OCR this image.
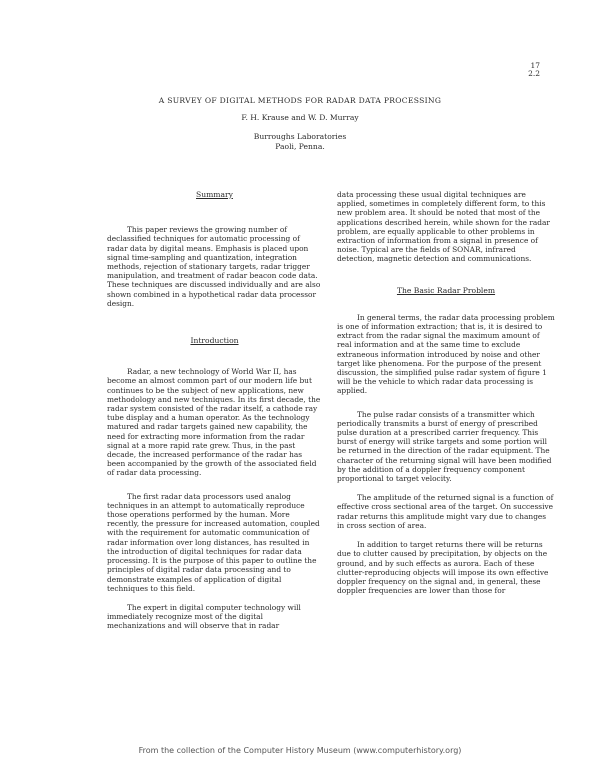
17
2.2
A SURVEY OF DIGITAL METHODS FOR RADAR DATA PROCESSING
F. H. Krause and W. D. Murray
Burroughs Laboratories
Paoli, Penna.
Summary

This paper reviews the growing number of declassified techniques for automatic processing of radar data by digital means. Emphasis is placed upon signal time-sampling and quantization, integration methods, rejection of stationary targets, radar trigger manipulation, and treatment of radar beacon code data. These techniques are discussed individually and are also shown combined in a hypothetical radar data processor design.

Introduction

Radar, a new technology of World War II, has become an almost common part of our modern life but continues to be the subject of new applications, new methodology and new techniques. In its first decade, the radar system consisted of the radar itself, a cathode ray tube display and a human operator. As the technology matured and radar targets gained new capability, the need for extracting more information from the radar signal at a more rapid rate grew. Thus, in the past decade, the increased performance of the radar has been accompanied by the growth of the associated field of radar data processing.

The first radar data processors used analog techniques in an attempt to automatically reproduce those operations performed by the human. More recently, the pressure for increased automation, coupled with the requirement for automatic communication of radar information over long distances, has resulted in the introduction of digital techniques for radar data processing. It is the purpose of this paper to outline the principles of digital radar data processing and to demonstrate examples of application of digital techniques to this field.

The expert in digital computer technology will immediately recognize most of the digital mechanizations and will observe that in radar

data processing these usual digital techniques are applied, sometimes in completely different form, to this new problem area. It should be noted that most of the applications described herein, while shown for the radar problem, are equally applicable to other problems in extraction of information from a signal in presence of noise. Typical are the fields of SONAR, infrared detection, magnetic detection and communications.

The Basic Radar Problem

In general terms, the radar data processing problem is one of information extraction; that is, it is desired to extract from the radar signal the maximum amount of real information and at the same time to exclude extraneous information introduced by noise and other target like phenomena. For the purpose of the present discussion, the simplified pulse radar system of figure 1 will be the vehicle to which radar data processing is applied.

The pulse radar consists of a transmitter which periodically transmits a burst of energy of prescribed pulse duration at a prescribed carrier frequency. This burst of energy will strike targets and some portion will be returned in the direction of the radar equipment. The character of the returning signal will have been modified by the addition of a doppler frequency component proportional to target velocity.

The amplitude of the returned signal is a function of effective cross sectional area of the target. On successive radar returns this amplitude might vary due to changes in cross section of area.

In addition to target returns there will be returns due to clutter caused by precipitation, by objects on the ground, and by such effects as aurora. Each of these clutter-reproducing objects will impose its own effective doppler frequency on the signal and, in general, these doppler frequencies are lower than those for

From the collection of the Computer History Museum (www.computerhistory.org)
